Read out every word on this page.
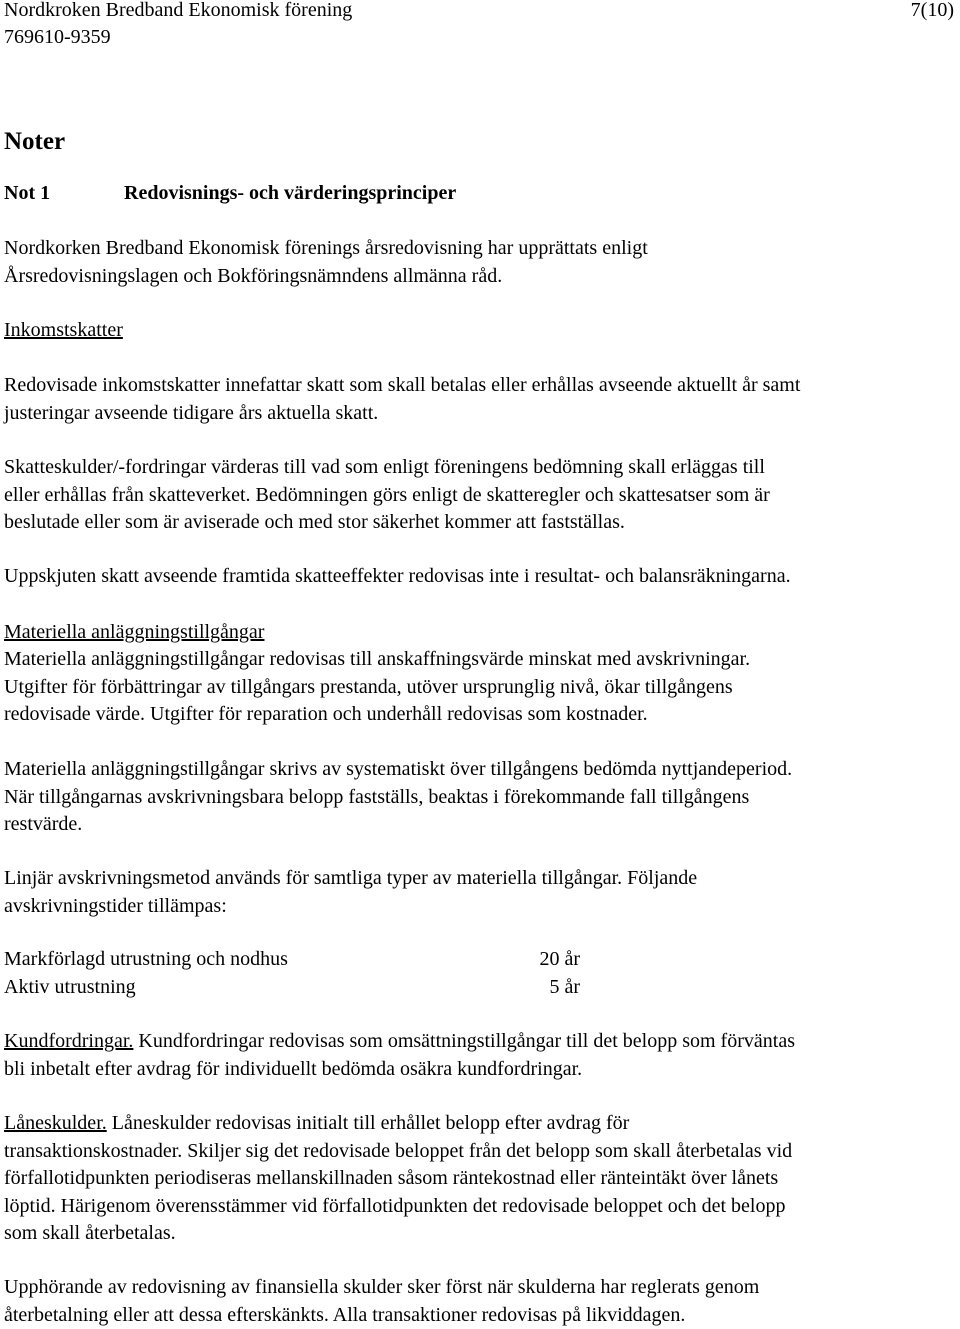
Nordkroken Bredband Ekonomisk förening
769610-9359
7(10)
Noter
Not 1	Redovisnings- och värderingsprinciper
Nordkorken Bredband Ekonomisk förenings årsredovisning har upprättats enligt
Årsredovisningslagen och Bokföringsnämndens allmänna råd.
Inkomstskatter
Redovisade inkomstskatter innefattar skatt som skall betalas eller erhållas avseende aktuellt år samt
justeringar avseende tidigare års aktuella skatt.
Skatteskulder/-fordringar värderas till vad som enligt föreningens bedömning skall erläggas till
eller erhållas från skatteverket. Bedömningen görs enligt de skatteregler och skattesatser som är
beslutade eller som är aviserade och med stor säkerhet kommer att fastställas.
Uppskjuten skatt avseende framtida skatteeffekter redovisas inte i resultat- och balansräkningarna.
Materiella anläggningstillgångar
Materiella anläggningstillgångar redovisas till anskaffningsvärde minskat med avskrivningar.
Utgifter för förbättringar av tillgångars prestanda, utöver ursprunglig nivå, ökar tillgångens
redovisade värde. Utgifter för reparation och underhåll redovisas som kostnader.
Materiella anläggningstillgångar skrivs av systematiskt över tillgångens bedömda nyttjandeperiod.
När tillgångarnas avskrivningsbara belopp fastställs, beaktas i förekommande fall tillgångens
restvärde.
Linjär avskrivningsmetod används för samtliga typer av materiella tillgångar. Följande
avskrivningstider tillämpas:
Markförlagd utrustning och nodhus	20 år
Aktiv utrustning	5 år
Kundfordringar. Kundfordringar redovisas som omsättningstillgångar till det belopp som förväntas
bli inbetalt efter avdrag för individuellt bedömda osäkra kundfordringar.
Låneskulder. Låneskulder redovisas initialt till erhållet belopp efter avdrag för
transaktionskostnader. Skiljer sig det redovisade beloppet från det belopp som skall återbetalas vid
förfallotidpunkten periodiseras mellanskillnaden såsom räntekostnad eller ränteintäkt över lånets
löptid. Härigenom överensstämmer vid förfallotidpunkten det redovisade beloppet och det belopp
som skall återbetalas.
Upphörande av redovisning av finansiella skulder sker först när skulderna har reglerats genom
återbetalning eller att dessa efterskänkts. Alla transaktioner redovisas på likviddagen.
